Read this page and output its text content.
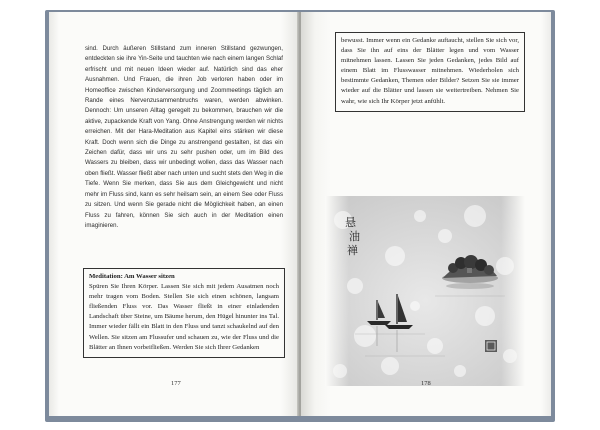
sind. Durch äußeren Stillstand zum inneren Stillstand gezwungen, entdeckten sie ihre Yin-Seite und tauchten wie nach einem langen Schlaf erfrischt und mit neuen Ideen wieder auf. Natürlich sind das eher Ausnahmen. Und Frauen, die ihren Job verloren haben oder im Homeoffice zwischen Kinderversorgung und Zoommeetings täglich am Rande eines Nervenzusammenbruchs waren, werden abwinken. Dennoch: Um unseren Alltag geregelt zu bekommen, brauchen wir die aktive, zupackende Kraft von Yang. Ohne Anstrengung werden wir nichts erreichen. Mit der Hara-Meditation aus Kapitel eins stärken wir diese Kraft. Doch wenn sich die Dinge zu anstrengend gestalten, ist das ein Zeichen dafür, dass wir uns zu sehr pushen oder, um im Bild des Wassers zu bleiben, dass wir unbedingt wollen, dass das Wasser nach oben fließt. Wasser fließt aber nach unten und sucht stets den Weg in die Tiefe. Wenn Sie merken, dass Sie aus dem Gleichgewicht und nicht mehr im Fluss sind, kann es sehr heilsam sein, an einem See oder Fluss zu sitzen. Und wenn Sie gerade nicht die Möglichkeit haben, an einen Fluss zu fahren, können Sie sich auch in der Meditation einen imaginieren.

Meditation: Am Wasser sitzen
Spüren Sie Ihren Körper. Lassen Sie sich mit jedem Ausatmen noch mehr tragen vom Boden. Stellen Sie sich einen schönen, langsam fließenden Fluss vor. Das Wasser fließt in einer einladenden Landschaft über Steine, um Bäume herum, den Hügel hinunter ins Tal. Immer wieder fällt ein Blatt in den Fluss und tanzt schaukelnd auf den Wellen. Sie sitzen am Flussufer und schauen zu, wie der Fluss und die Blätter an Ihnen vorbeifließen. Werden Sie sich Ihrer Gedanken
177
bewusst. Immer wenn ein Gedanke auftaucht, stellen Sie sich vor, dass Sie ihn auf eins der Blätter legen und vom Wasser mitnehmen lassen. Lassen Sie jeden Gedanken, jedes Bild auf einem Blatt im Flusswasser mitnehmen. Wiederholen sich bestimmte Gedanken, Themen oder Bilder? Setzen Sie sie immer wieder auf die Blätter und lassen sie weitertreiben. Nehmen Sie wahr, wie sich Ihr Körper jetzt anfühlt.
178
